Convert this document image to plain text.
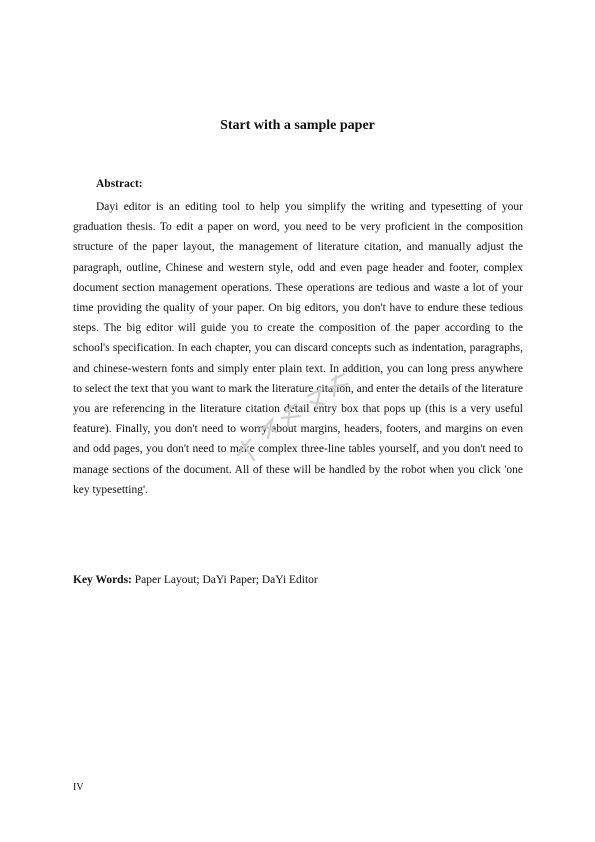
Start with a sample paper
Abstract:

Dayi editor is an editing tool to help you simplify the writing and typesetting of your graduation thesis. To edit a paper on word, you need to be very proficient in the composition structure of the paper layout, the management of literature citation, and manually adjust the paragraph, outline, Chinese and western style, odd and even page header and footer, complex document section management operations. These operations are tedious and waste a lot of your time providing the quality of your paper. On big editors, you don't have to endure these tedious steps. The big editor will guide you to create the composition of the paper according to the school's specification. In each chapter, you can discard concepts such as indentation, paragraphs, and chinese-western fonts and simply enter plain text. In addition, you can long press anywhere to select the text that you want to mark the literature citation, and enter the details of the literature you are referencing in the literature citation detail entry box that pops up (this is a very useful feature). Finally, you don't need to worry about margins, headers, footers, and margins on even and odd pages, you don't need to make complex three-line tables yourself, and you don't need to manage sections of the document. All of these will be handled by the robot when you click 'one key typesetting'.

Key Words: Paper Layout; DaYi Paper; DaYi Editor
IV
